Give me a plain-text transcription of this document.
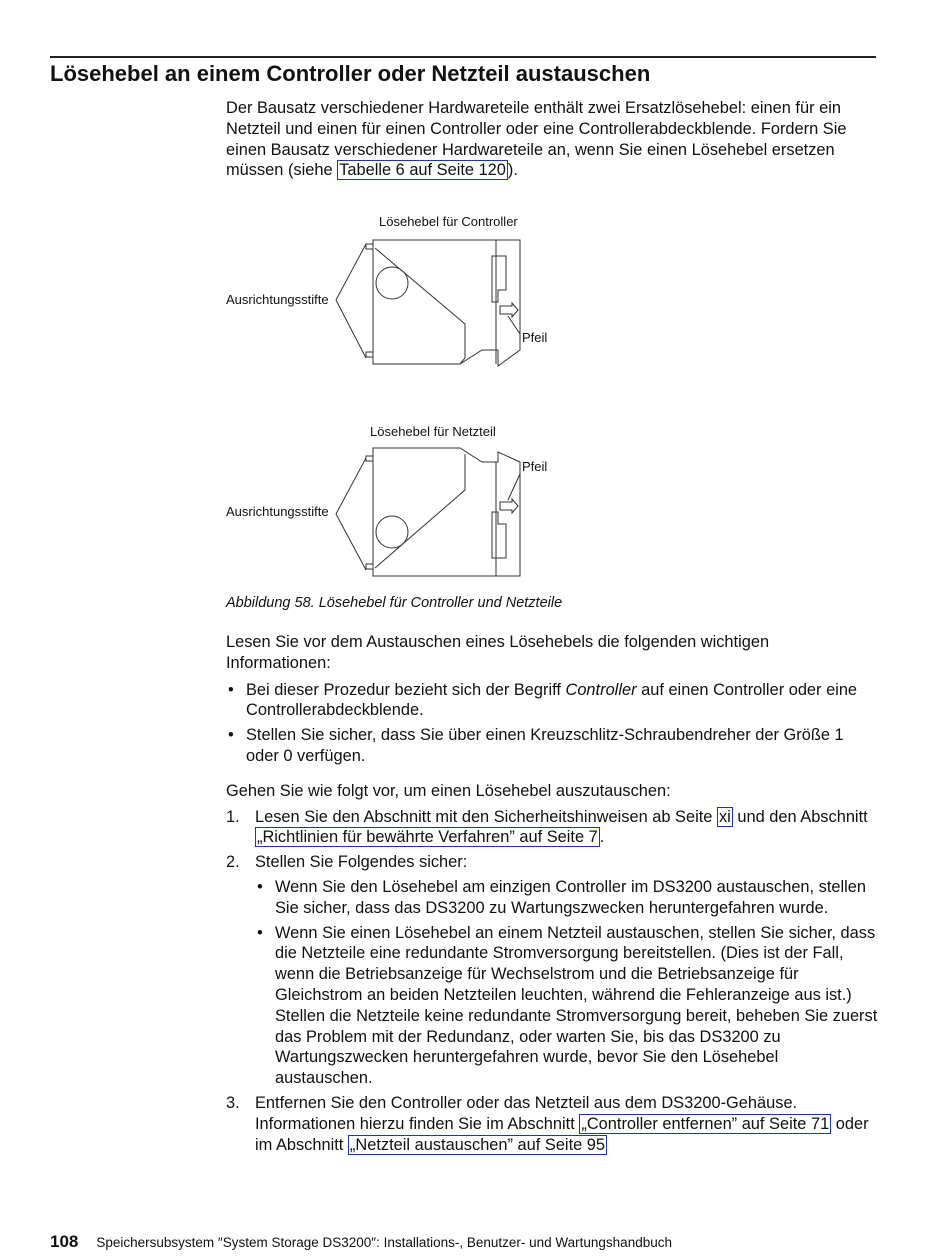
Lösehebel an einem Controller oder Netzteil austauschen

Der Bausatz verschiedener Hardwareteile enthält zwei Ersatzlösehebel: einen für ein Netzteil und einen für einen Controller oder eine Controllerabdeckblende. Fordern Sie einen Bausatz verschiedener Hardwareteile an, wenn Sie einen Lösehebel ersetzen müssen (siehe Tabelle 6 auf Seite 120 ).

Lösehebel für Controller
Ausrichtungsstifte
Pfeil
Lösehebel für Netzteil
Ausrichtungsstifte
Pfeil
Abbildung 58. Lösehebel für Controller und Netzteile

Lesen Sie vor dem Austauschen eines Lösehebels die folgenden wichtigen Informationen:

• Bei dieser Prozedur bezieht sich der Begriff Controller auf einen Controller oder eine Controllerabdeckblende.
• Stellen Sie sicher, dass Sie über einen Kreuzschlitz-Schraubendreher der Größe 1 oder 0 verfügen.

Gehen Sie wie folgt vor, um einen Lösehebel auszutauschen:

1. Lesen Sie den Abschnitt mit den Sicherheitshinweisen ab Seite xi und den Abschnitt „Richtlinien für bewährte Verfahren” auf Seite 7 .
2. Stellen Sie Folgendes sicher:
• Wenn Sie den Lösehebel am einzigen Controller im DS3200 austauschen, stellen Sie sicher, dass das DS3200 zu Wartungszwecken heruntergefahren wurde.
• Wenn Sie einen Lösehebel an einem Netzteil austauschen, stellen Sie sicher, dass die Netzteile eine redundante Stromversorgung bereitstellen. (Dies ist der Fall, wenn die Betriebsanzeige für Wechselstrom und die Betriebsanzeige für Gleichstrom an beiden Netzteilen leuchten, während die Fehleranzeige aus ist.) Stellen die Netzteile keine redundante Stromversorgung bereit, beheben Sie zuerst das Problem mit der Redundanz, oder warten Sie, bis das DS3200 zu Wartungszwecken heruntergefahren wurde, bevor Sie den Lösehebel austauschen.
3. Entfernen Sie den Controller oder das Netzteil aus dem DS3200-Gehäuse. Informationen hierzu finden Sie im Abschnitt „Controller entfernen” auf Seite 71 oder im Abschnitt „Netzteil austauschen” auf Seite 95
108 Speichersubsystem ″System Storage DS3200″: Installations-, Benutzer- und Wartungshandbuch
